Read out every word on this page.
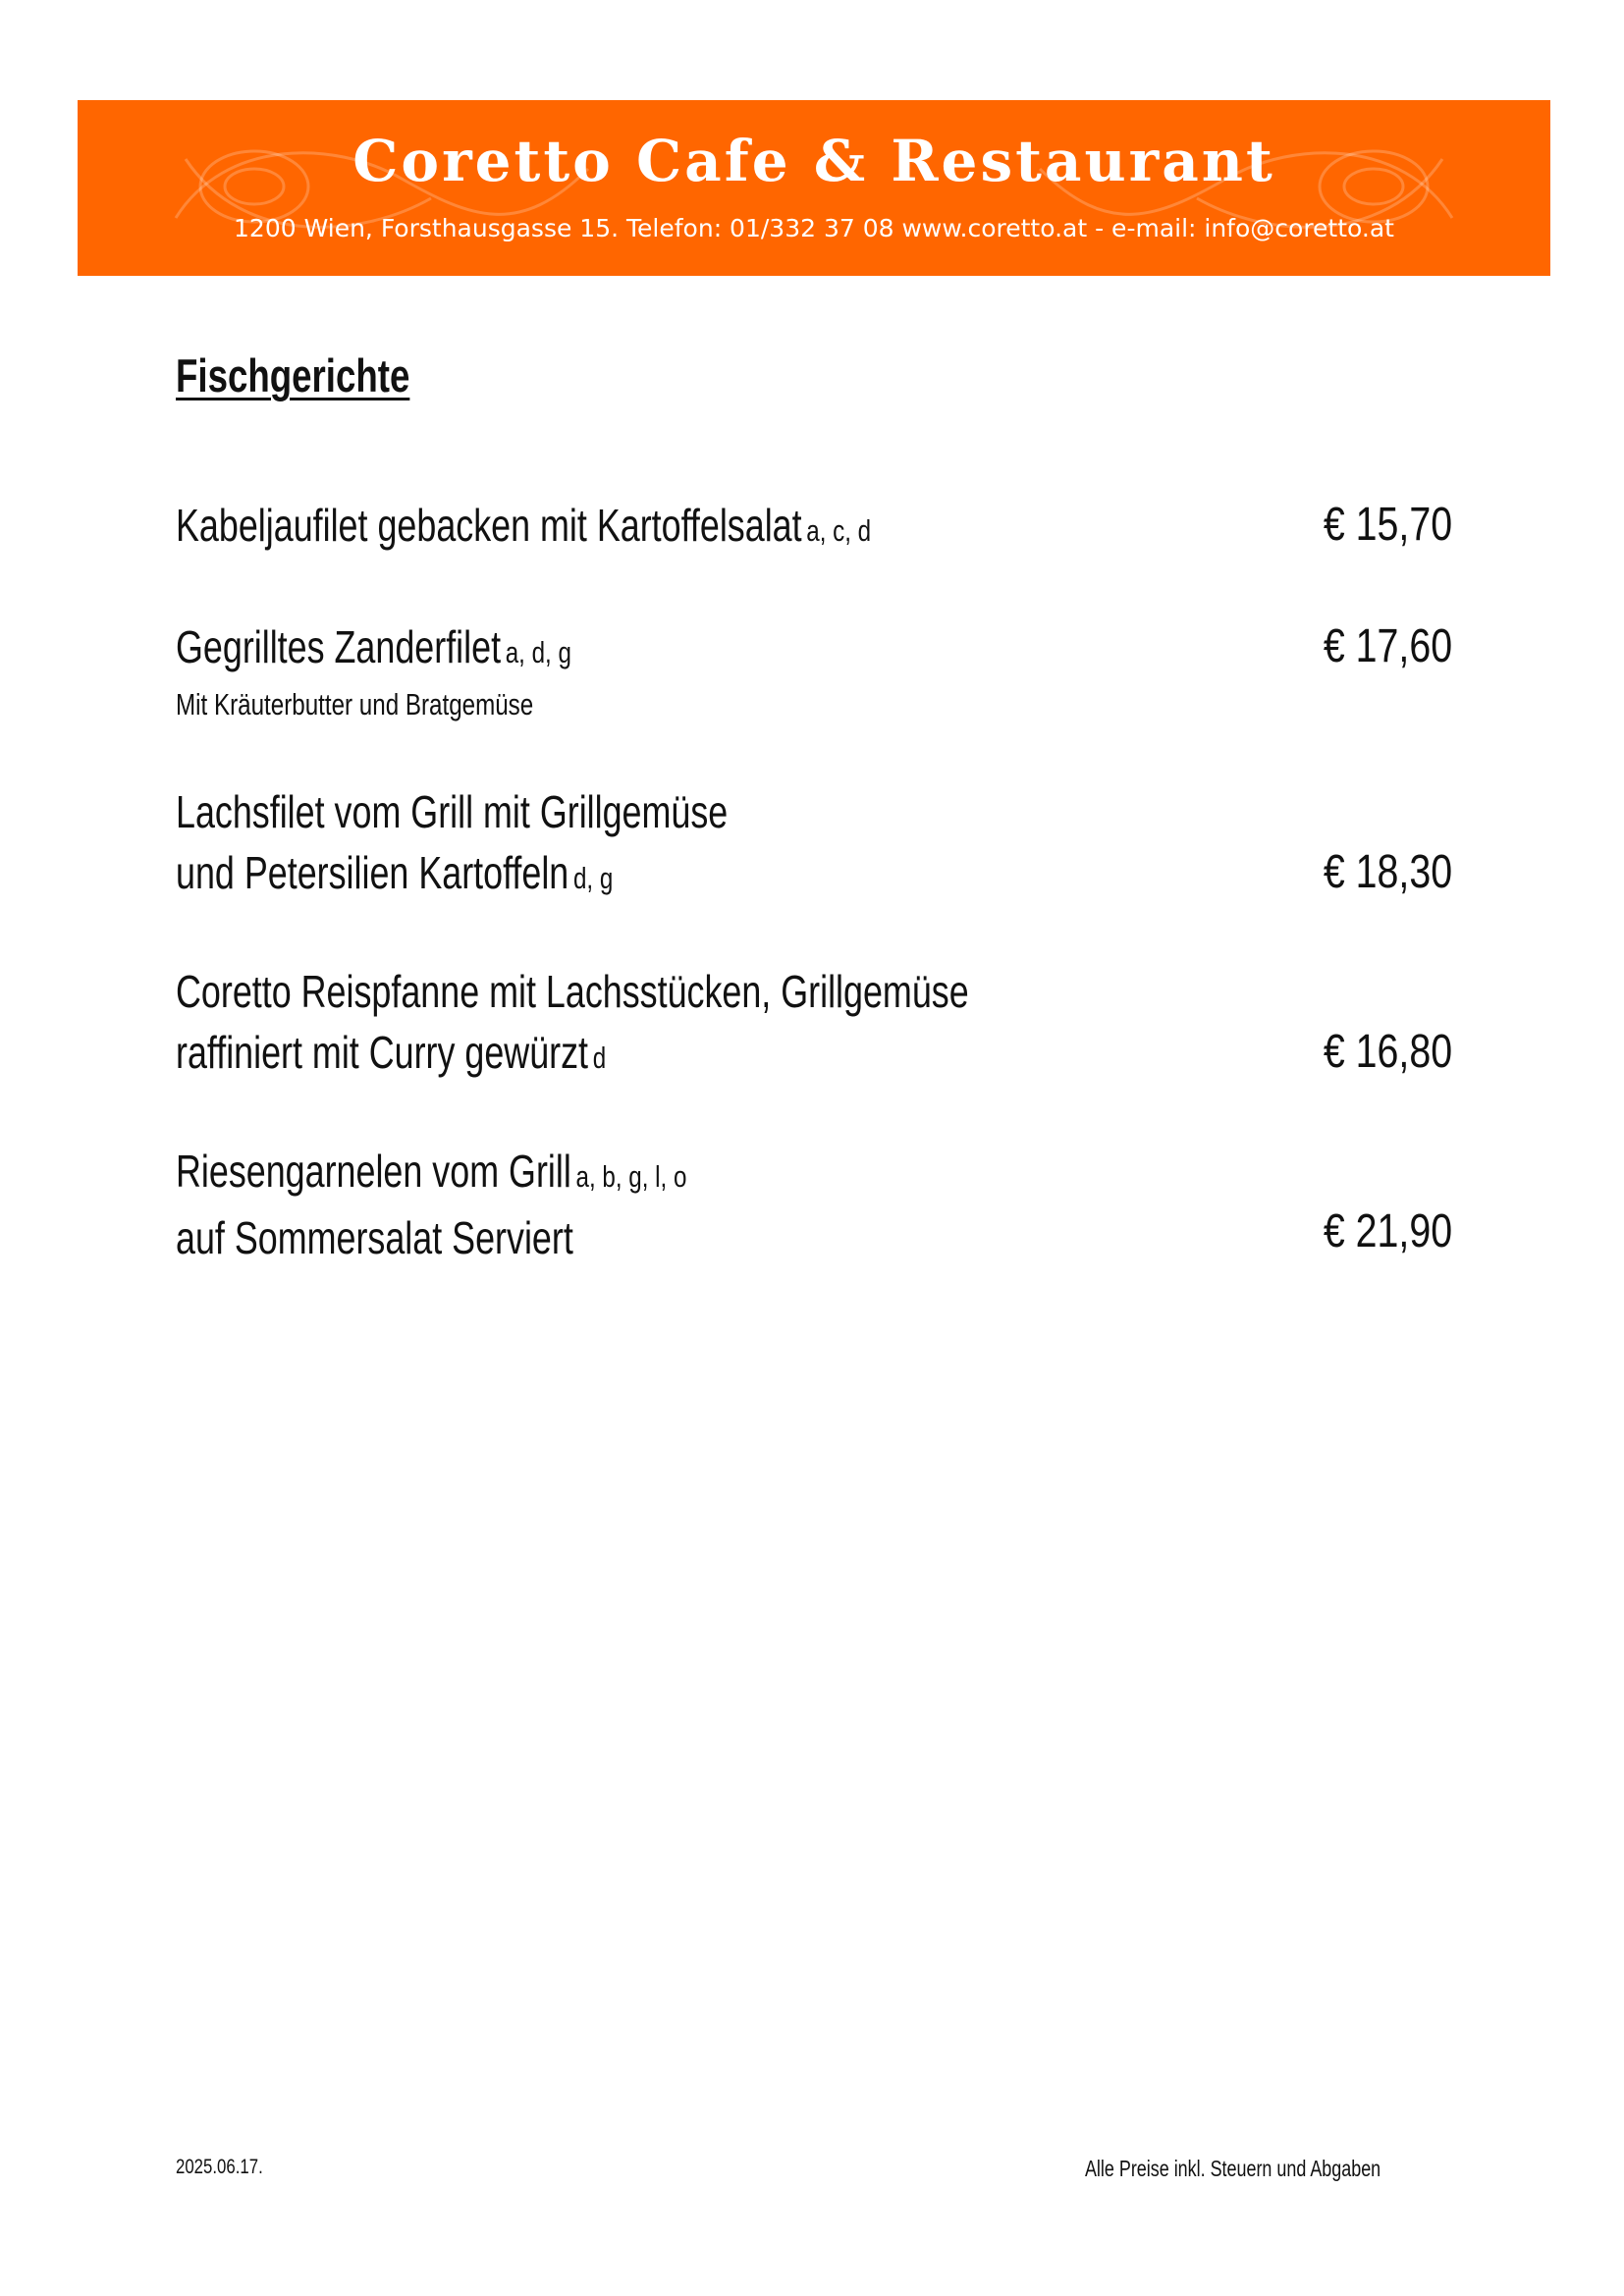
Coretto Cafe & Restaurant
1200 Wien, Forsthausgasse 15. Telefon: 01/332 37 08 www.coretto.at - e-mail: info@coretto.at
Fischgerichte
Kabeljaufilet gebacken mit Kartoffelsalat a, c, d	€ 15,70
Gegrilltes Zanderfilet a, d, g
Mit Kräuterbutter und Bratgemüse
€ 17,60
Lachsfilet vom Grill mit Grillgemüse
und Petersilien Kartoffeln d, g	€ 18,30
Coretto Reispfanne mit Lachsstücken, Grillgemüse
raffiniert mit Curry gewürzt d	€ 16,80
Riesengarnelen vom Grill a, b, g, l, o
auf Sommersalat Serviert	€ 21,90
2025.06.17.	Alle Preise inkl. Steuern und Abgaben
